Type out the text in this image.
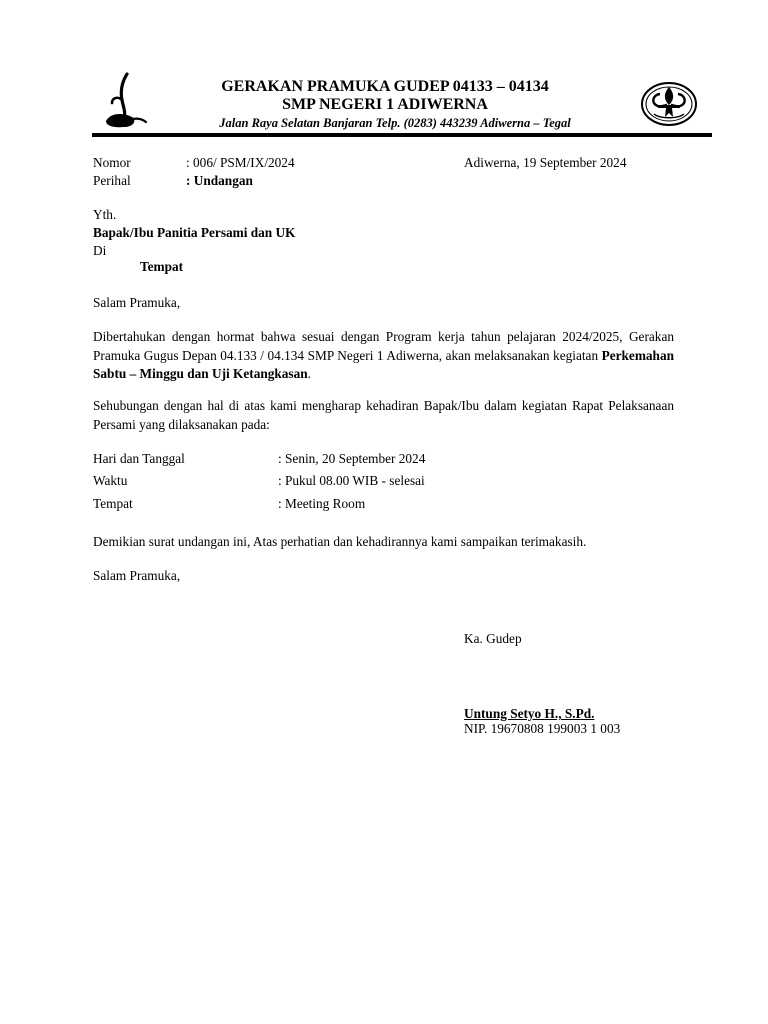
GERAKAN PRAMUKA GUDEP 04133 – 04134
SMP NEGERI 1 ADIWERNA
Jalan Raya Selatan Banjaran Telp. (0283) 443239 Adiwerna – Tegal
Nomor	: 006/ PSM/IX/2024	Adiwerna, 19 September 2024
Perihal	: Undangan
Yth.
Bapak/Ibu Panitia Persami dan UK
Di
Tempat
Salam Pramuka,
Dibertahukan dengan hormat bahwa sesuai dengan Program kerja tahun pelajaran 2024/2025, Gerakan Pramuka Gugus Depan 04.133 / 04.134 SMP Negeri 1 Adiwerna, akan melaksanakan kegiatan Perkemahan Sabtu – Minggu dan Uji Ketangkasan.
Sehubungan dengan hal di atas kami mengharap kehadiran Bapak/Ibu dalam kegiatan Rapat Pelaksanaan Persami yang dilaksanakan pada:
Hari dan Tanggal	: Senin, 20 September 2024
Waktu	: Pukul 08.00 WIB - selesai
Tempat	: Meeting Room
Demikian surat undangan ini, Atas perhatian dan kehadirannya kami sampaikan terimakasih.
Salam Pramuka,
Ka. Gudep
Untung Setyo H., S.Pd.
NIP. 19670808 199003 1 003
